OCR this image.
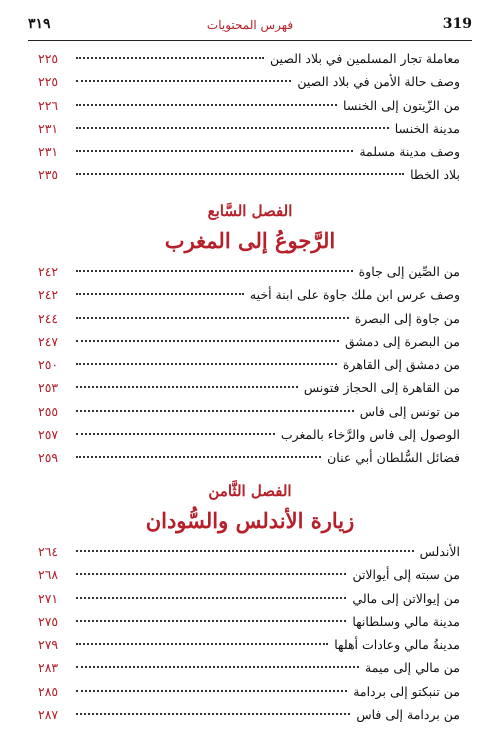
٣١٩	فهرس المحتويات	319
معاملة تجار المسلمين في بلاد الصين
٢٢٥
وصف حالة الأمن في بلاد الصين
٢٢٥
من الزّيتون إلى الخنسا
٢٢٦
مدينة الخنسا
٢٣١
وصف مدينة مسلمة
٢٣١
بلاد الخطا
٢٣٥
الفصل السَّابع
الرَّجوعُ إلى المغرب
من الصِّين إلى جاوة
٢٤٢
وصف عرس ابن ملك جاوة على ابنة أخيه
٢٤٢
من جاوة إلى البصرة
٢٤٤
من البصرة إلى دمشق
٢٤٧
من دمشق إلى القاهرة
٢٥٠
من القاهرة إلى الحجاز فتونس
٢٥٣
من تونس إلى فاس
٢٥٥
الوصول إلى فاس والرَّخاء بالمغرب
٢٥٧
فضائل السُّلطان أبي عنان
٢٥٩
الفصل الثَّامن
زيارة الأندلس والسُّودان
الأندلس
٢٦٤
من سبته إلى أيوالاتن
٢٦٨
من إيوالاتن إلى مالي
٢٧١
مدينة مالي وسلطانها
٢٧٥
مدينةُ مالي وعادات أهلها
٢٧٩
من مالي إلى ميمة
٢٨٣
من تنبكتو إلى بردامة
٢٨٥
من بردامة إلى فاس
٢٨٧
